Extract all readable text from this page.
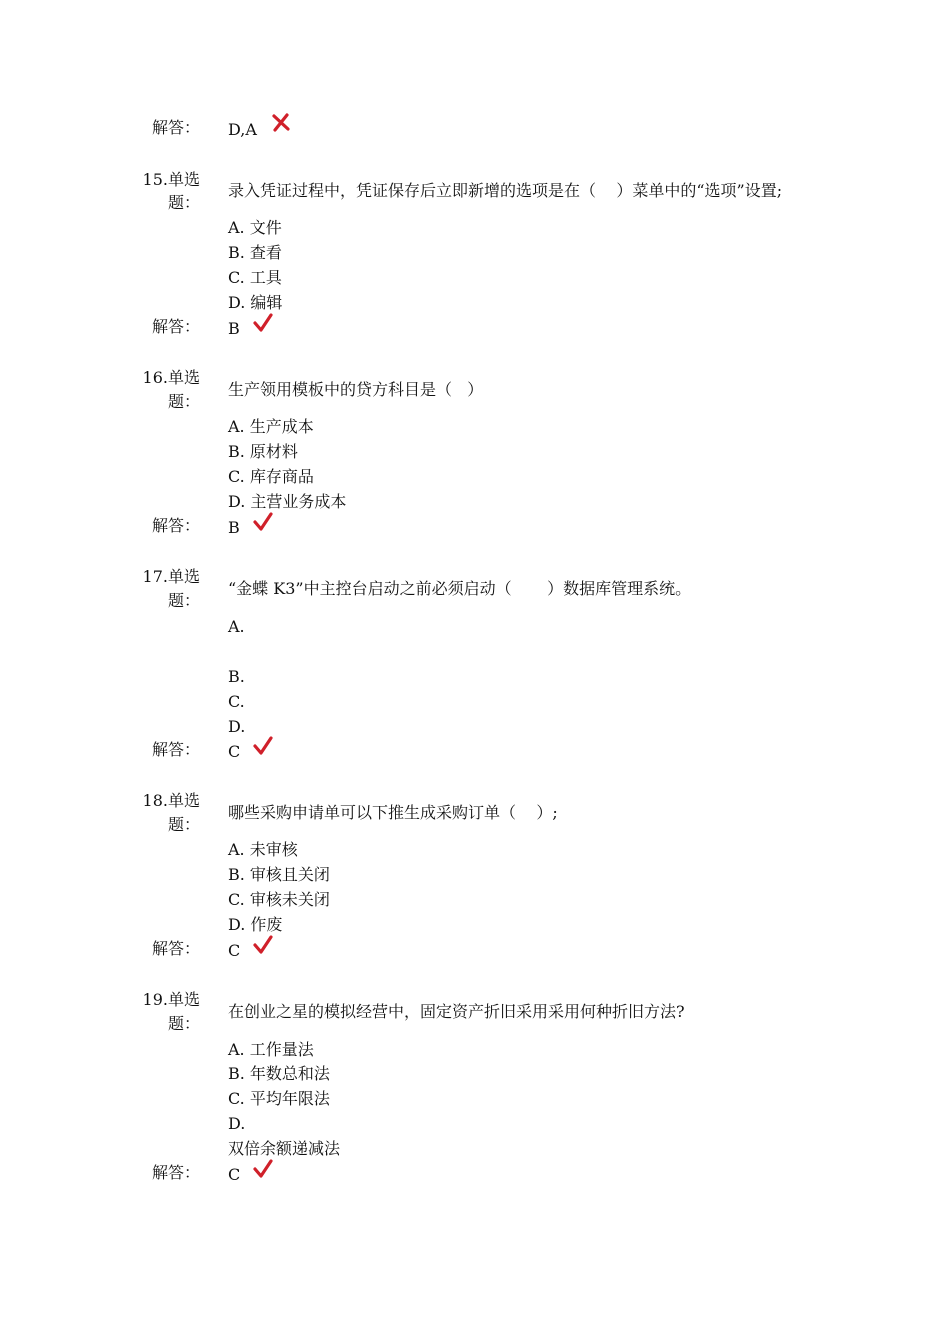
解答： D,A
15.单选
题：
录入凭证过程中，凭证保存后立即新增的选项是在（    ）菜单中的“选项”设置;
A. 文件
B. 查看
C. 工具
D. 编辑
解答： B
16.单选
题：
生产领用模板中的贷方科目是（   ）
A. 生产成本
B. 原材料
C. 库存商品
D. 主营业务成本
解答： B
17.单选
题：
“金蝶 K3”中主控台启动之前必须启动（       ）数据库管理系统。
A.
B.
C.
D.
解答： C
18.单选
题：
哪些采购申请单可以下推生成采购订单（    ）;
A. 未审核
B. 审核且关闭
C. 审核未关闭
D. 作废
解答： C
19.单选
题：
在创业之星的模拟经营中，固定资产折旧采用采用何种折旧方法?
A. 工作量法
B. 年数总和法
C. 平均年限法
D.
双倍余额递减法
解答： C
